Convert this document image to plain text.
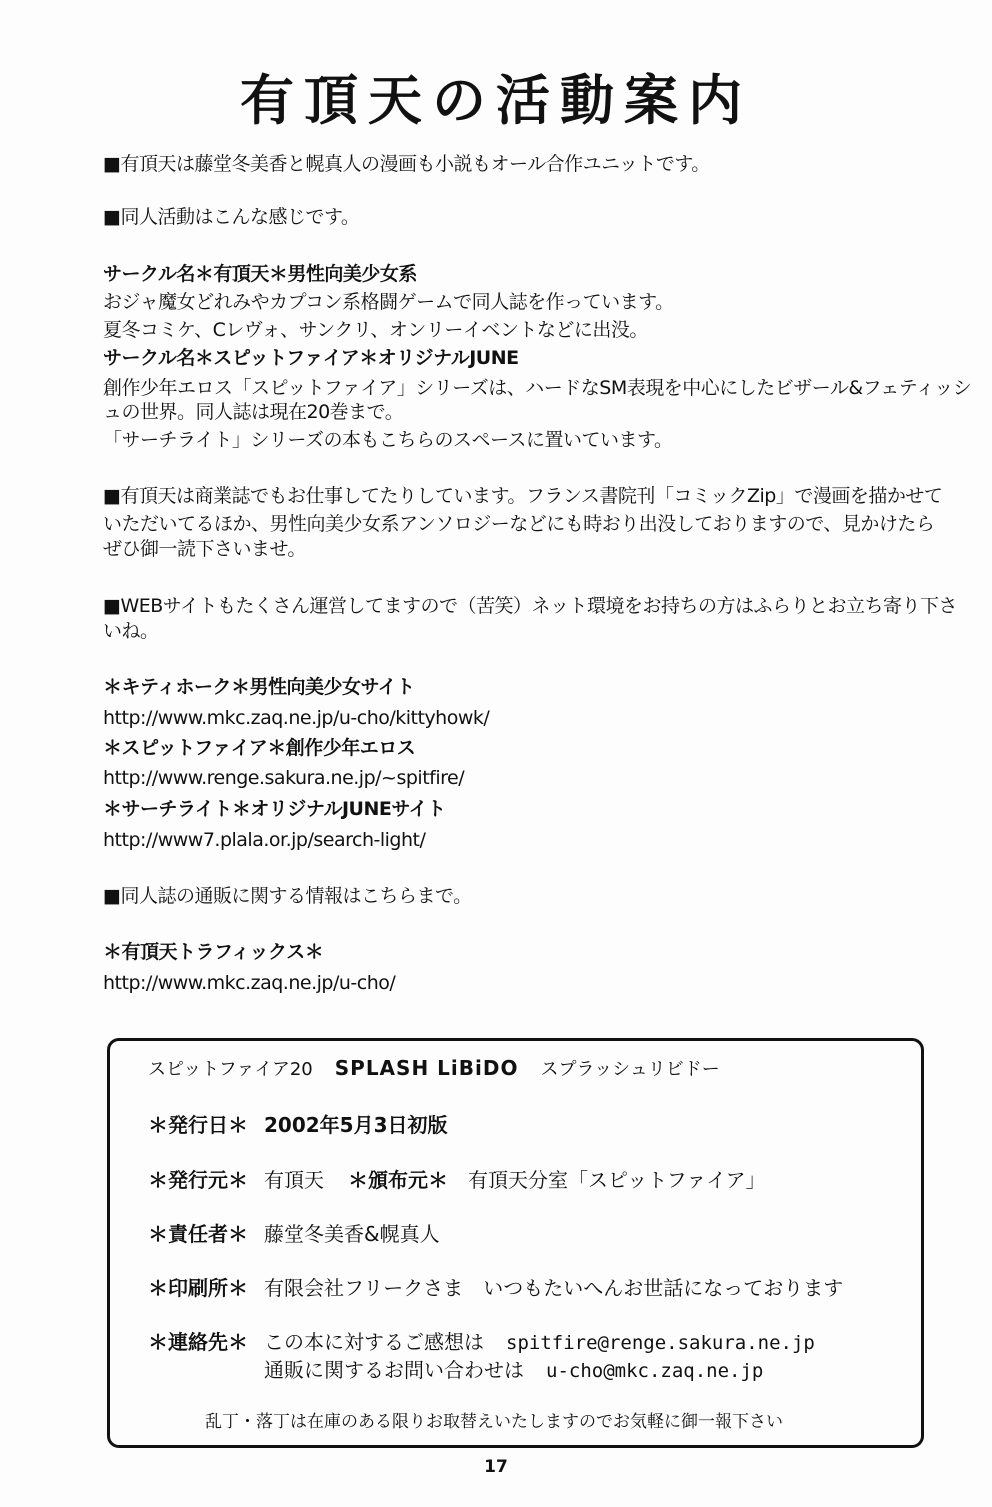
有頂天の活動案内
■有頂天は藤堂冬美香と幌真人の漫画も小説もオール合作ユニットです。
■同人活動はこんな感じです。
サークル名＊有頂天＊男性向美少女系
おジャ魔女どれみやカプコン系格闘ゲームで同人誌を作っています。
夏冬コミケ、Cレヴォ、サンクリ、オンリーイベントなどに出没。
サークル名＊スピットファイア＊オリジナルJUNE
創作少年エロス「スピットファイア」シリーズは、ハードなSM表現を中心にしたビザール&フェティッシ
ュの世界。同人誌は現在20巻まで。
「サーチライト」シリーズの本もこちらのスペースに置いています。
■有頂天は商業誌でもお仕事してたりしています。フランス書院刊「コミックZip」で漫画を描かせて
いただいてるほか、男性向美少女系アンソロジーなどにも時おり出没しておりますので、見かけたら
ぜひ御一読下さいませ。
■WEBサイトもたくさん運営してますので（苦笑）ネット環境をお持ちの方はふらりとお立ち寄り下さ
いね。
＊キティホーク＊男性向美少女サイト
http://www.mkc.zaq.ne.jp/u-cho/kittyhowk/
＊スピットファイア＊創作少年エロス
http://www.renge.sakura.ne.jp/~spitfire/
＊サーチライト＊オリジナルJUNEサイト
http://www7.plala.or.jp/search-light/
■同人誌の通販に関する情報はこちらまで。
＊有頂天トラフィックス＊
http://www.mkc.zaq.ne.jp/u-cho/
スピットファイア20 SPLASH LiBiDO スプラッシュリビドー
＊発行日＊ 2002年5月3日初版
＊発行元＊ 有頂天 ＊頒布元＊ 有頂天分室「スピットファイア」
＊責任者＊ 藤堂冬美香&幌真人
＊印刷所＊ 有限会社フリークさま　いつもたいへんお世話になっております
＊連絡先＊ この本に対するご感想は spitfire@renge.sakura.ne.jp
通販に関するお問い合わせは u-cho@mkc.zaq.ne.jp
乱丁・落丁は在庫のある限りお取替えいたしますのでお気軽に御一報下さい
17
